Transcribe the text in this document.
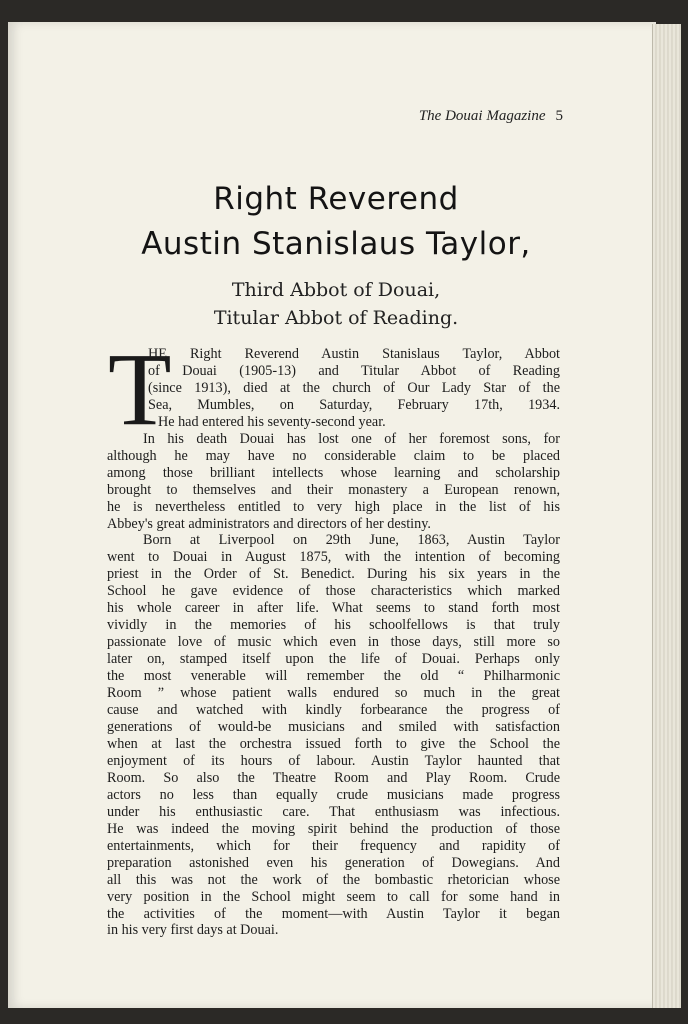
The Douai Magazine 5
Right Reverend
Austin Stanislaus Taylor,
Third Abbot of Douai,
Titular Abbot of Reading.
T

HE Right Reverend Austin Stanislaus Taylor, Abbot

of Douai (1905-13) and Titular Abbot of Reading

(since 1913), died at the church of Our Lady Star of the

Sea, Mumbles, on Saturday, February 17th, 1934.

He had entered his seventy-second year.

In his death Douai has lost one of her foremost sons, for

although he may have no considerable claim to be placed

among those brilliant intellects whose learning and scholarship

brought to themselves and their monastery a European renown,

he is nevertheless entitled to very high place in the list of his

Abbey's great administrators and directors of her destiny.

Born at Liverpool on 29th June, 1863, Austin Taylor

went to Douai in August 1875, with the intention of becoming

priest in the Order of St. Benedict. During his six years in the

School he gave evidence of those characteristics which marked

his whole career in after life. What seems to stand forth most

vividly in the memories of his schoolfellows is that truly

passionate love of music which even in those days, still more so

later on, stamped itself upon the life of Douai. Perhaps only

the most venerable will remember the old “ Philharmonic

Room ” whose patient walls endured so much in the great

cause and watched with kindly forbearance the progress of

generations of would-be musicians and smiled with satisfaction

when at last the orchestra issued forth to give the School the

enjoyment of its hours of labour. Austin Taylor haunted that

Room. So also the Theatre Room and Play Room. Crude

actors no less than equally crude musicians made progress

under his enthusiastic care. That enthusiasm was infectious.

He was indeed the moving spirit behind the production of those

entertainments, which for their frequency and rapidity of

preparation astonished even his generation of Dowegians. And

all this was not the work of the bombastic rhetorician whose

very position in the School might seem to call for some hand in

the activities of the moment—with Austin Taylor it began

in his very first days at Douai.
